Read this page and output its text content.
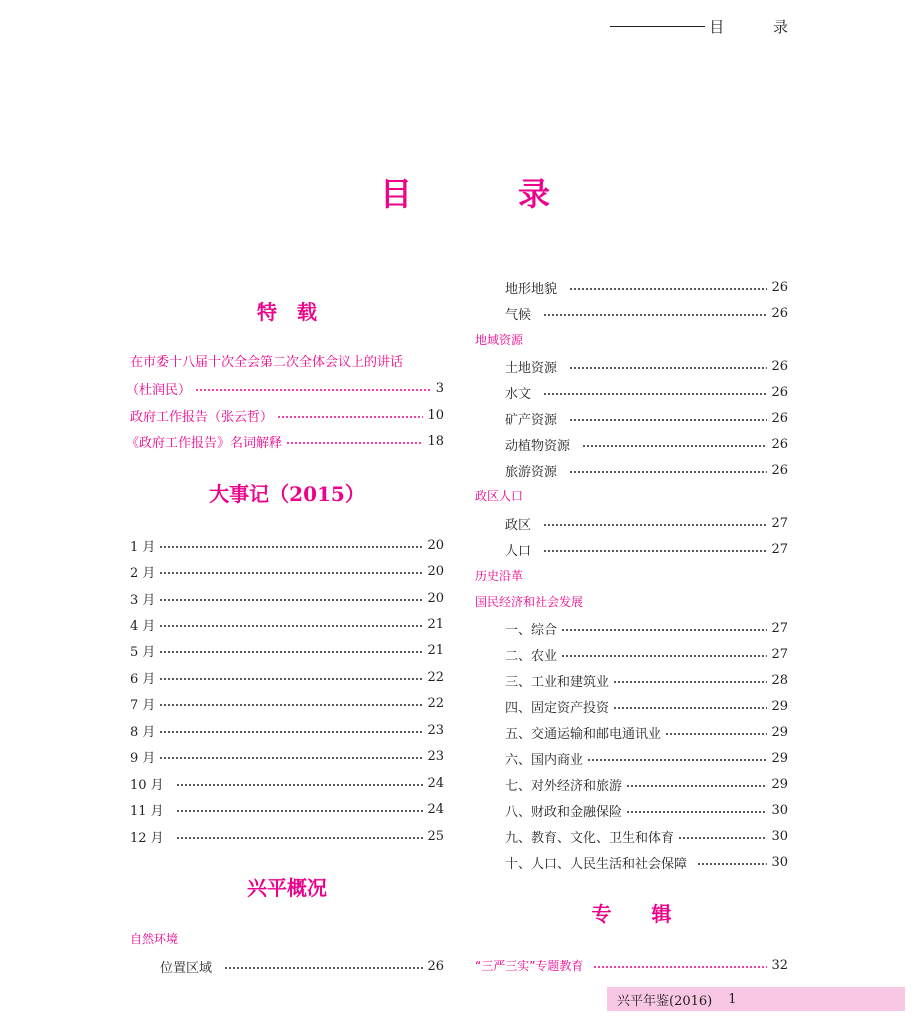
目 录
目	录
特　载
在市委十八届十次全会第二次全体会议上的讲话
（杜润民）	3
政府工作报告（张云哲）	10
《政府工作报告》名词解释	18
大事记（2015）
1 月	20
2 月	20
3 月	20
4 月	21
5 月	21
6 月	22
7 月	22
8 月	23
9 月	23
10 月	24
11 月	24
12 月	25
兴平概况
自然环境
位置区域	26
地形地貌	26
气候	26
地域资源
土地资源	26
水文	26
矿产资源	26
动植物资源	26
旅游资源	26
政区人口
政区	27
人口	27
历史沿革
国民经济和社会发展
一、综合	27
二、农业	27
三、工业和建筑业	28
四、固定资产投资	29
五、交通运输和邮电通讯业	29
六、国内商业	29
七、对外经济和旅游	29
八、财政和金融保险	30
九、教育、文化、卫生和体育	30
十、人口、人民生活和社会保障	30
专　　辑
“三严三实”专题教育	32
兴平年鉴(2016) 1
